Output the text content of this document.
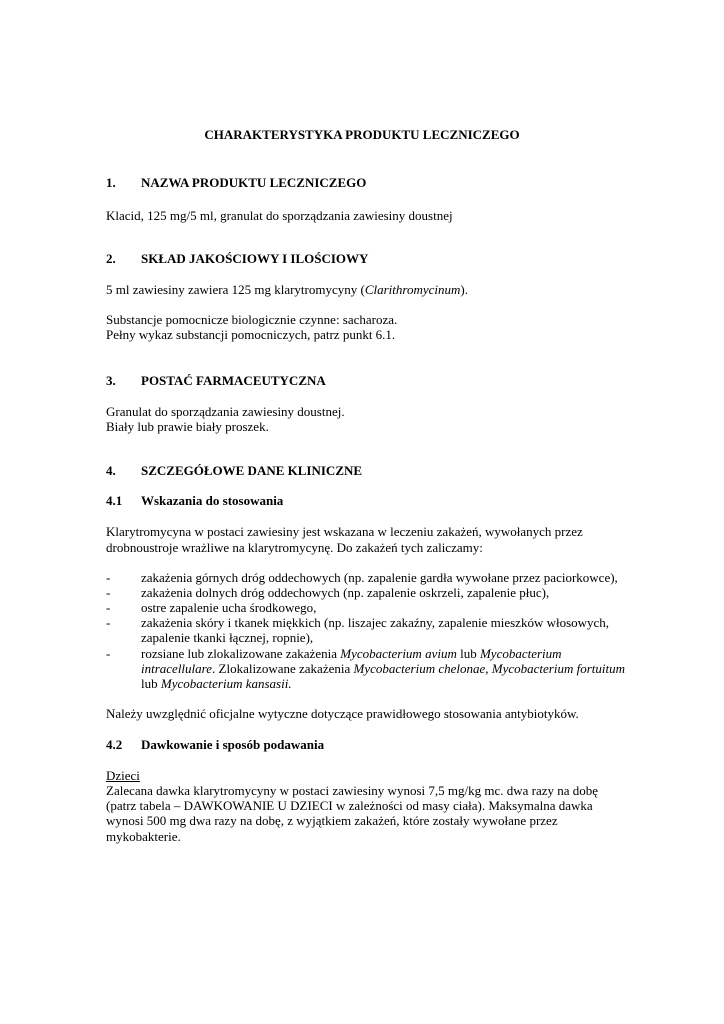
CHARAKTERYSTYKA PRODUKTU LECZNICZEGO
1. NAZWA PRODUKTU LECZNICZEGO
Klacid, 125 mg/5 ml, granulat do sporządzania zawiesiny doustnej
2. SKŁAD JAKOŚCIOWY I ILOŚCIOWY
5 ml zawiesiny zawiera 125 mg klarytromycyny (Clarithromycinum).
Substancje pomocnicze biologicznie czynne: sacharoza.
Pełny wykaz substancji pomocniczych, patrz punkt 6.1.
3. POSTAĆ FARMACEUTYCZNA
Granulat do sporządzania zawiesiny doustnej.
Biały lub prawie biały proszek.
4. SZCZEGÓŁOWE DANE KLINICZNE
4.1 Wskazania do stosowania
Klarytromycyna w postaci zawiesiny jest wskazana w leczeniu zakażeń, wywołanych przez
drobnoustroje wrażliwe na klarytromycynę. Do zakażeń tych zaliczamy:
- zakażenia górnych dróg oddechowych (np. zapalenie gardła wywołane przez paciorkowce),
- zakażenia dolnych dróg oddechowych (np. zapalenie oskrzeli, zapalenie płuc),
- ostre zapalenie ucha środkowego,
- zakażenia skóry i tkanek miękkich (np. liszajec zakaźny, zapalenie mieszków włosowych,
zapalenie tkanki łącznej, ropnie),
- rozsiane lub zlokalizowane zakażenia Mycobacterium avium lub Mycobacterium
intracellulare. Zlokalizowane zakażenia Mycobacterium chelonae, Mycobacterium fortuitum
lub Mycobacterium kansasii.
Należy uwzględnić oficjalne wytyczne dotyczące prawidłowego stosowania antybiotyków.
4.2 Dawkowanie i sposób podawania
Dzieci
Zalecana dawka klarytromycyny w postaci zawiesiny wynosi 7,5 mg/kg mc. dwa razy na dobę
(patrz tabela – DAWKOWANIE U DZIECI w zależności od masy ciała). Maksymalna dawka
wynosi 500 mg dwa razy na dobę, z wyjątkiem zakażeń, które zostały wywołane przez
mykobakterie.
